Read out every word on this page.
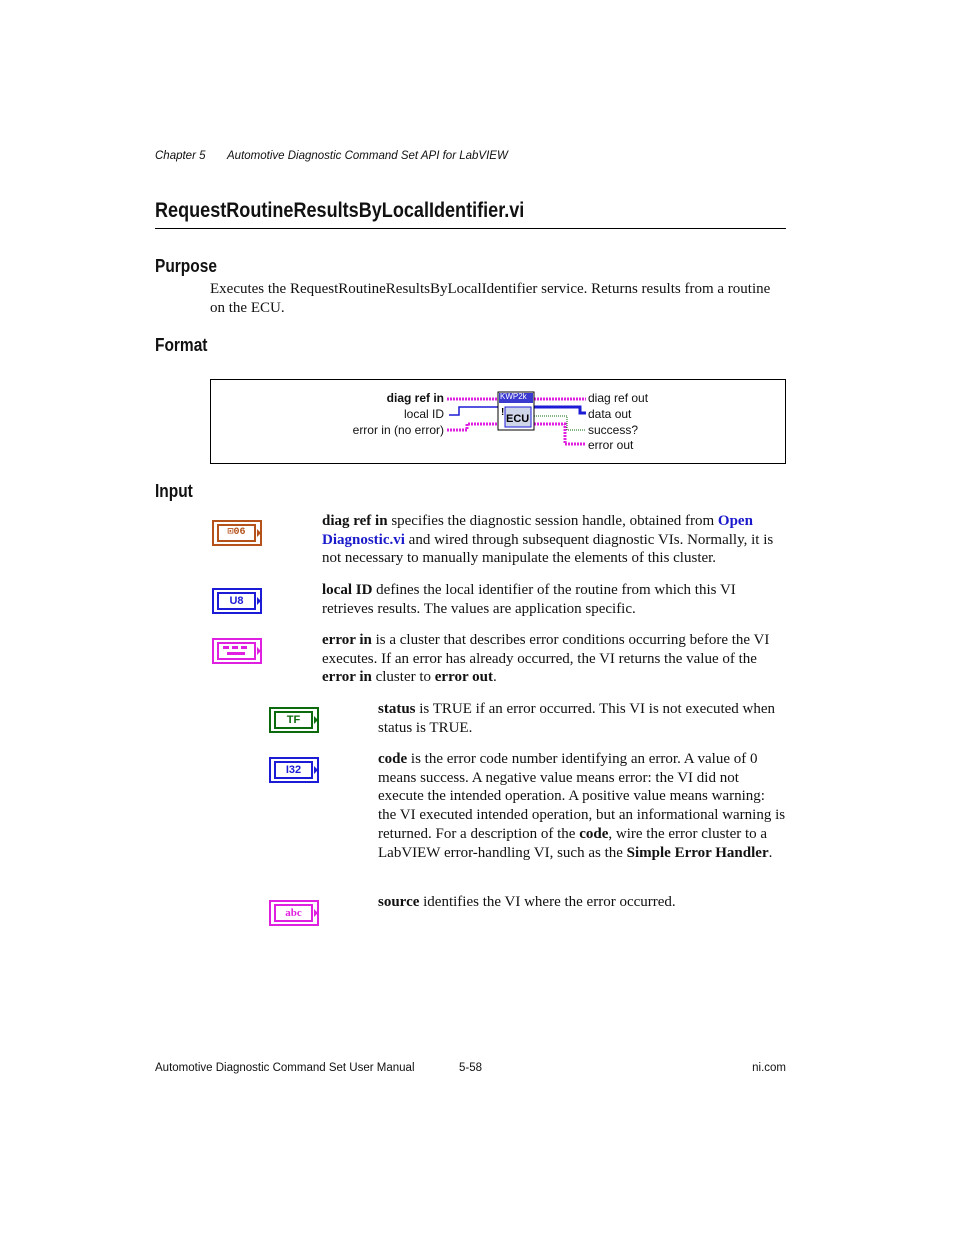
Chapter 5 Automotive Diagnostic Command Set API for LabVIEW
RequestRoutineResultsByLocalIdentifier.vi
Purpose
Executes the RequestRoutineResultsByLocalIdentifier service. Returns results from a routine on the ECU.
Format
diag ref in
local ID
error in (no error)
!
KWP2k
ECU
diag ref out
data out
success?
error out
Input
⊡06
diag ref in specifies the diagnostic session handle, obtained from Open Diagnostic.vi and wired through subsequent diagnostic VIs. Normally, it is not necessary to manually manipulate the elements of this cluster.
U8
local ID defines the local identifier of the routine from which this VI retrieves results. The values are application specific.
error in is a cluster that describes error conditions occurring before the VI executes. If an error has already occurred, the VI returns the value of the error in cluster to error out.
TF
status is TRUE if an error occurred. This VI is not executed when status is TRUE.
I32
code is the error code number identifying an error. A value of 0 means success. A negative value means error: the VI did not execute the intended operation. A positive value means warning: the VI executed intended operation, but an informational warning is returned. For a description of the code, wire the error cluster to a LabVIEW error-handling VI, such as the Simple Error Handler.
abc
source identifies the VI where the error occurred.
Automotive Diagnostic Command Set User Manual	5-58	ni.com
